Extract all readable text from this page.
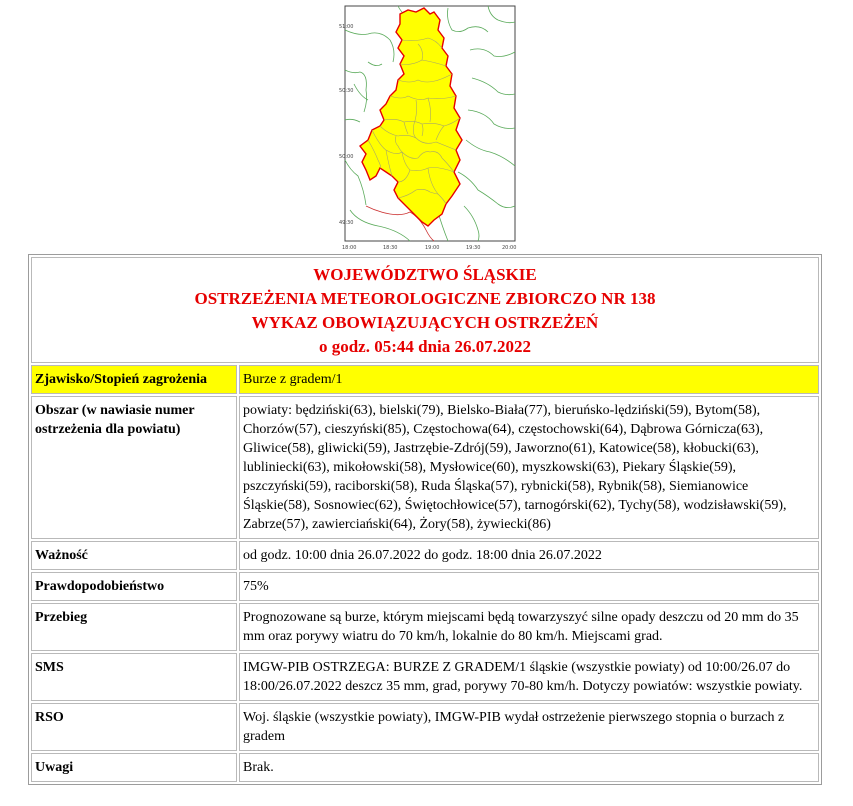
51:00
50:30
50:00
49:30
18:00	18:30	19:00	19:30	20:00
WOJEWÓDZTWO ŚLĄSKIE
OSTRZEŻENIA METEOROLOGICZNE ZBIORCZO NR 138
WYKAZ OBOWIĄZUJĄCYCH OSTRZEŻEŃ
o godz. 05:44 dnia 26.07.2022	

Zjawisko/Stopień zagrożenia	Burze z gradem/1
Obszar (w nawiasie numer ostrzeżenia dla powiatu)	powiaty: będziński(63), bielski(79), Bielsko-Biała(77), bieruńsko-lędziński(59), Bytom(58), Chorzów(57), cieszyński(85), Częstochowa(64), częstochowski(64), Dąbrowa Górnicza(63), Gliwice(58), gliwicki(59), Jastrzębie-Zdrój(59), Jaworzno(61), Katowice(58), kłobucki(63), lubliniecki(63), mikołowski(58), Mysłowice(60), myszkowski(63), Piekary Śląskie(59), pszczyński(59), raciborski(58), Ruda Śląska(57), rybnicki(58), Rybnik(58), Siemianowice Śląskie(58), Sosnowiec(62), Świętochłowice(57), tarnogórski(62), Tychy(58), wodzisławski(59), Zabrze(57), zawierciański(64), Żory(58), żywiecki(86)
Ważność	od godz. 10:00 dnia 26.07.2022 do godz. 18:00 dnia 26.07.2022
Prawdopodobieństwo	75%
Przebieg	Prognozowane są burze, którym miejscami będą towarzyszyć silne opady deszczu od 20 mm do 35 mm oraz porywy wiatru do 70 km/h, lokalnie do 80 km/h. Miejscami grad.
SMS	IMGW-PIB OSTRZEGA: BURZE Z GRADEM/1 śląskie (wszystkie powiaty) od 10:00/26.07 do 18:00/26.07.2022 deszcz 35 mm, grad, porywy 70-80 km/h. Dotyczy powiatów: wszystkie powiaty.
RSO	Woj. śląskie (wszystkie powiaty), IMGW-PIB wydał ostrzeżenie pierwszego stopnia o burzach z gradem
Uwagi	Brak.
